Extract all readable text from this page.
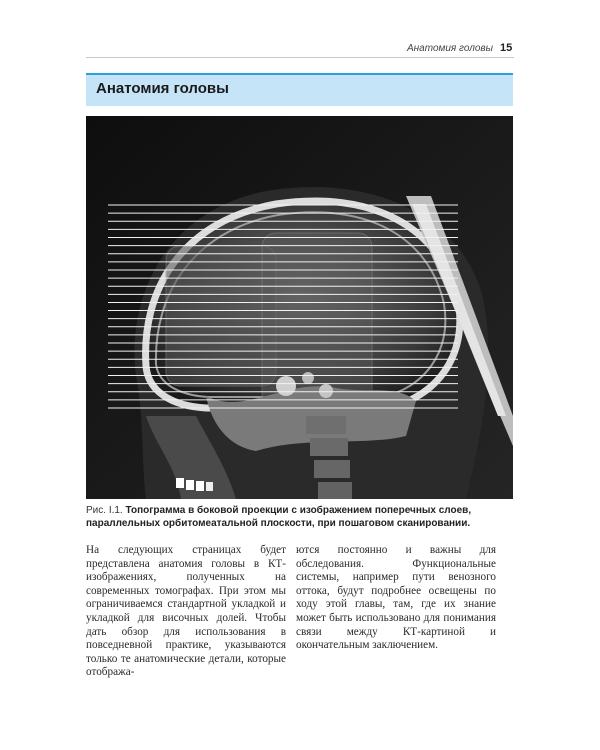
Анатомия головы 15
Анатомия головы
Рис. I.1. Топограмма в боковой проекции с изображением поперечных слоев, параллельных орбитомеатальной плоскости, при пошаговом сканировании.

На следующих страницах будет представлена анатомия головы в КТ-изображениях, полученных на современных томографах. При этом мы ограничиваемся стандартной укладкой и укладкой для височных долей. Чтобы дать обзор для использования в повседневной практике, указываются только те анатомические детали, которые отобража-

ются постоянно и важны для обследования. Функциональные системы, например пути венозного оттока, будут подробнее освещены по ходу этой главы, там, где их знание может быть использовано для понимания связи между КТ-картиной и окончательным заключением.
